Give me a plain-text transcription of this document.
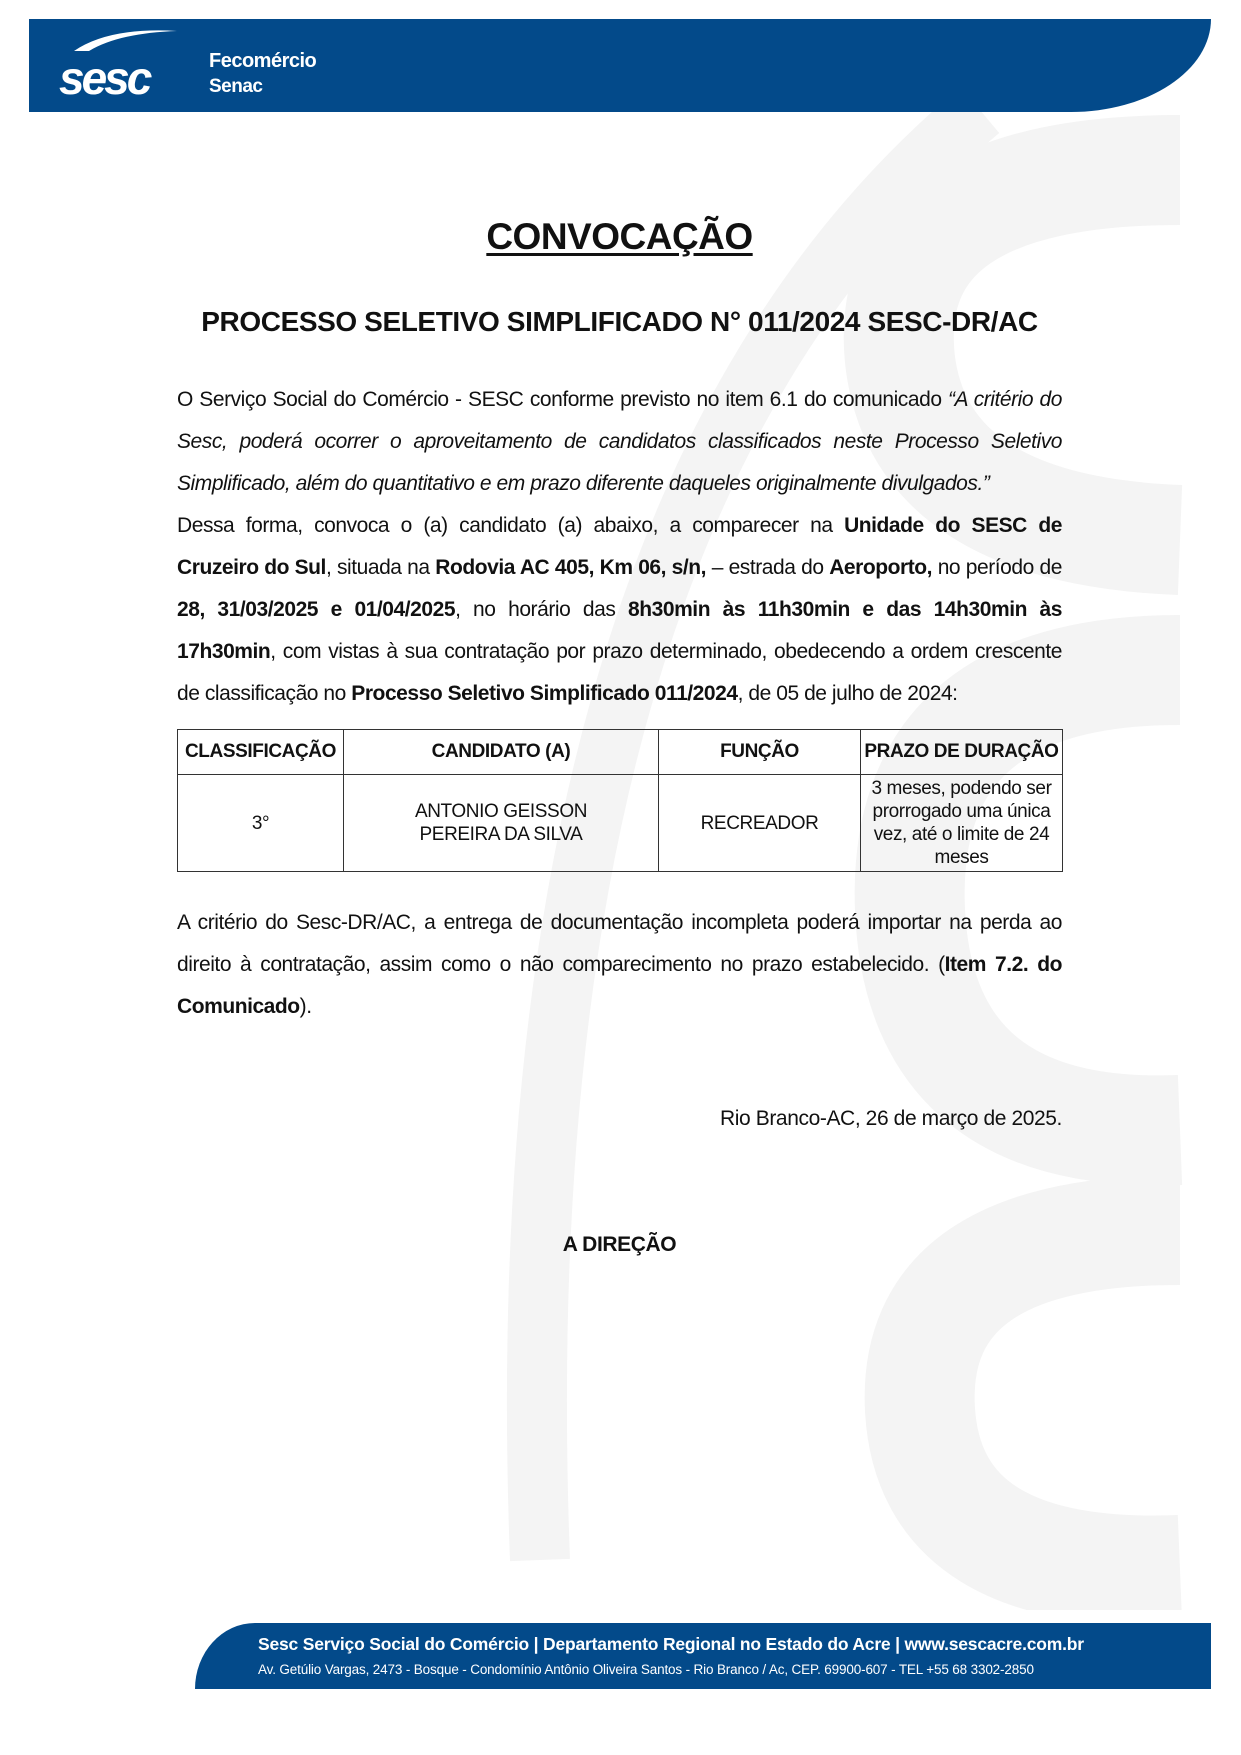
sesc	Fecomércio
Senac
CONVOCAÇÃO
PROCESSO SELETIVO SIMPLIFICADO N° 011/2024 SESC-DR/AC
O Serviço Social do Comércio - SESC conforme previsto no item 6.1 do comunicado “A critério do Sesc, poderá ocorrer o aproveitamento de candidatos classificados neste Processo Seletivo Simplificado, além do quantitativo e em prazo diferente daqueles originalmente divulgados.”
Dessa forma, convoca o (a) candidato (a) abaixo, a comparecer na Unidade do SESC de Cruzeiro do Sul, situada na Rodovia AC 405, Km 06, s/n, – estrada do Aeroporto, no período de 28, 31/03/2025 e 01/04/2025, no horário das 8h30min às 11h30min e das 14h30min às 17h30min, com vistas à sua contratação por prazo determinado, obedecendo a ordem crescente de classificação no Processo Seletivo Simplificado 011/2024, de 05 de julho de 2024:
CLASSIFICAÇÃO	CANDIDATO (A)	FUNÇÃO	PRAZO DE DURAÇÃO
3°	ANTONIO GEISSON PEREIRA DA SILVA	RECREADOR	3 meses, podendo ser prorrogado uma única vez, até o limite de 24 meses
A critério do Sesc-DR/AC, a entrega de documentação incompleta poderá importar na perda ao direito à contratação, assim como o não comparecimento no prazo estabelecido. (Item 7.2. do Comunicado).
Rio Branco-AC, 26 de março de 2025.
A DIREÇÃO
Sesc Serviço Social do Comércio | Departamento Regional no Estado do Acre | www.sescacre.com.br
Av. Getúlio Vargas, 2473 - Bosque - Condomínio Antônio Oliveira Santos - Rio Branco / Ac, CEP. 69900-607 - TEL +55 68 3302-2850
